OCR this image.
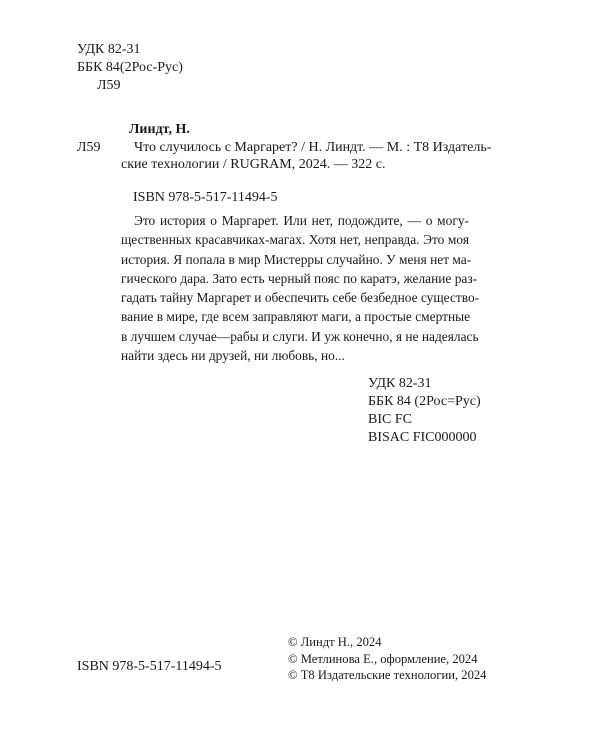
УДК 82-31
ББК 84(2Рос-Рус)
Л59
Линдт, Н.
Л59 Что случилось с Маргарет? / Н. Линдт. — М. : Т8 Издатель-
ские технологии / RUGRAM, 2024. — 322 с.
ISBN 978-5-517-11494-5
Это история о Маргарет. Или нет, подождите, — о могу-
щественных красавчиках-магах. Хотя нет, неправда. Это моя
история. Я попала в мир Мистерры случайно. У меня нет ма-
гического дара. Зато есть черный пояс по каратэ, желание раз-
гадать тайну Маргарет и обеспечить себе безбедное существо-
вание в мире, где всем заправляют маги, а простые смертные
в лучшем случае—рабы и слуги. И уж конечно, я не надеялась
найти здесь ни друзей, ни любовь, но...
УДК 82-31
ББК 84 (2Рос=Рус)
BIC FC
BISAC FIC000000
© Линдт Н., 2024
© Метлинова Е., оформление, 2024
© Т8 Издательские технологии, 2024
ISBN 978-5-517-11494-5
